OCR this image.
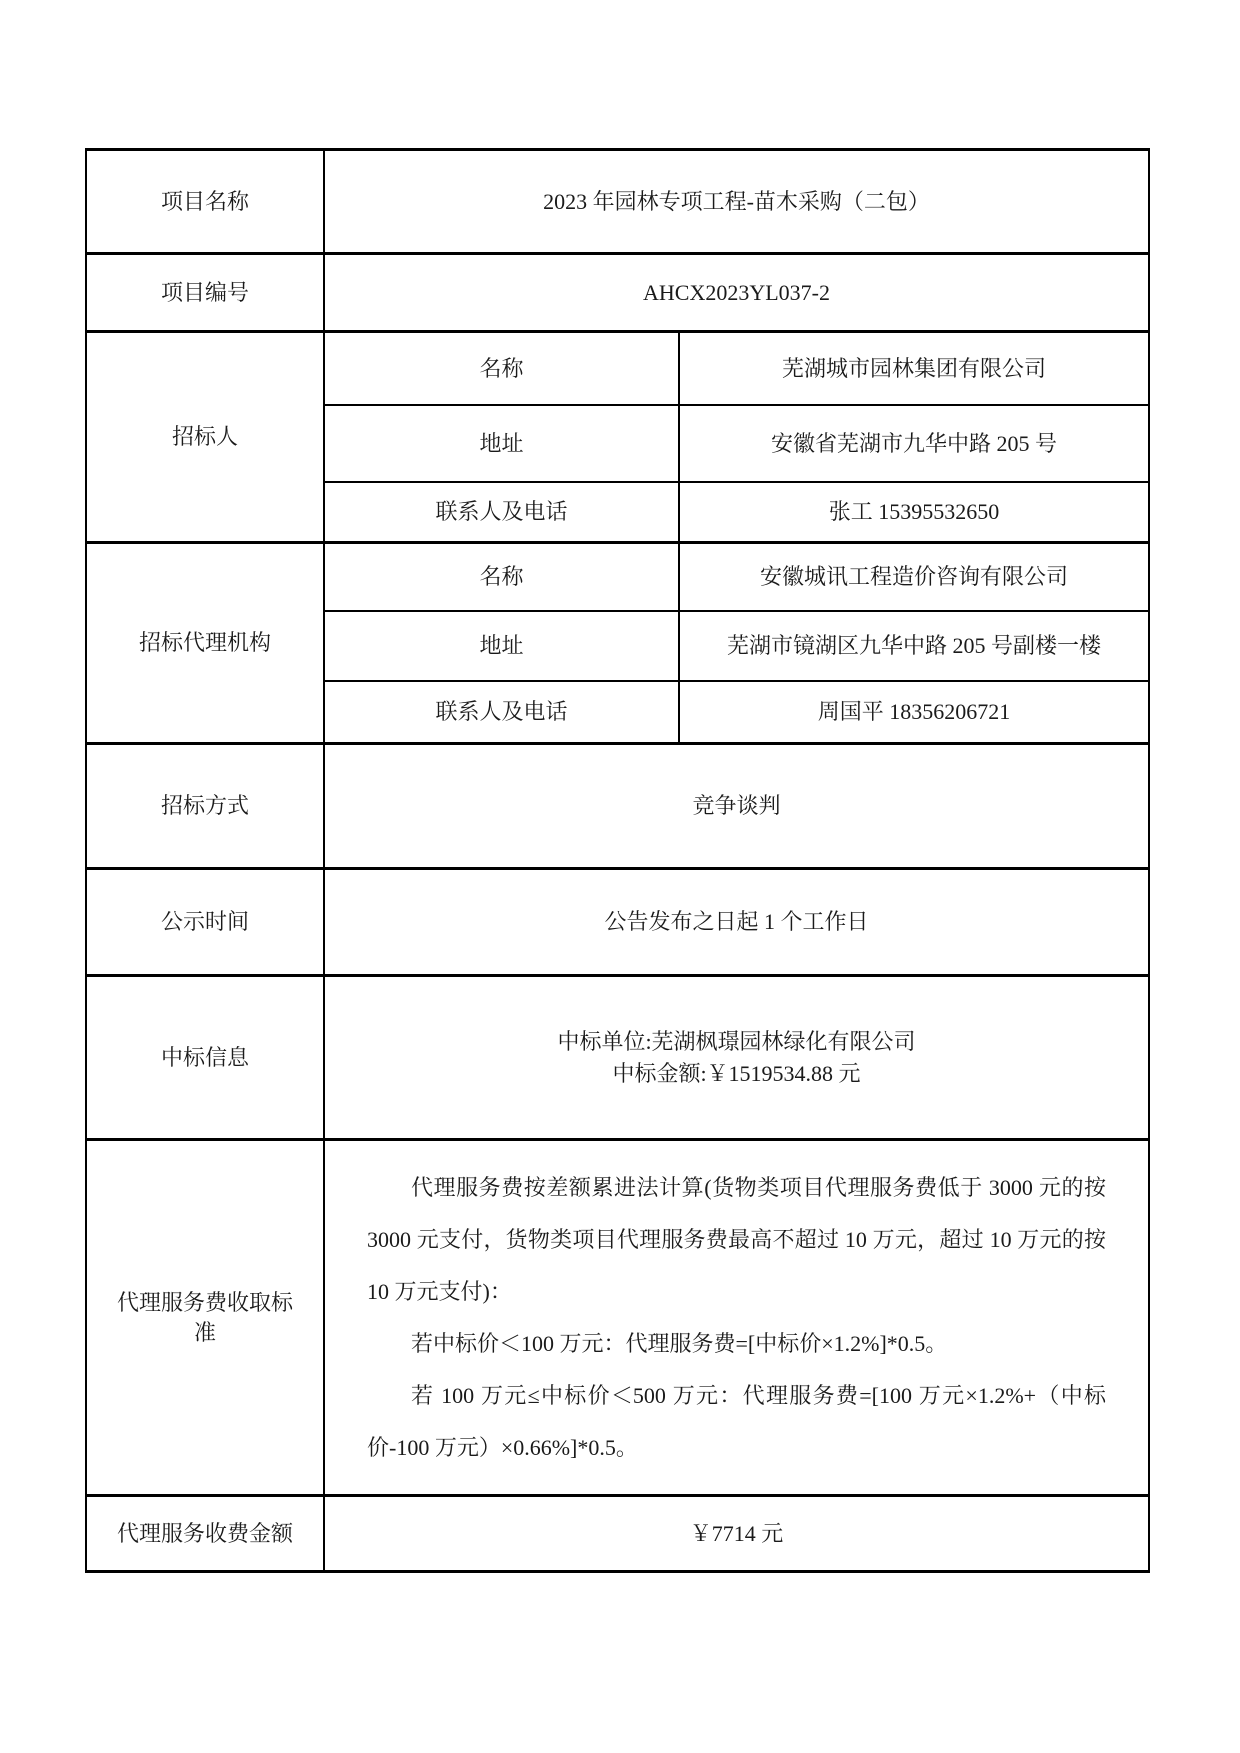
项目名称	2023 年园林专项工程-苗木采购（二包）	
项目编号	AHCX2023YL037-2	
招标人	名称	芜湖城市园林集团有限公司
	地址	安徽省芜湖市九华中路 205 号
	联系人及电话	张工 15395532650
招标代理机构	名称	安徽城讯工程造价咨询有限公司
	地址	芜湖市镜湖区九华中路 205 号副楼一楼
	联系人及电话	周国平 18356206721
招标方式	竞争谈判	
公示时间	公告发布之日起 1 个工作日	
中标信息	中标单位:芜湖枫璟园林绿化有限公司

中标金额:￥1519534.88 元	

代理服务费收取标准	代理服务费按差额累进法计算(货物类项目代理服务费低于 3000 元的按 3000 元支付，货物类项目代理服务费最高不超过 10 万元，超过 10 万元的按 10 万元支付)：

若中标价＜100 万元：代理服务费=[中标价×1.2%]*0.5。

若 100 万元≤中标价＜500 万元：代理服务费=[100 万元×1.2%+（中标价-100 万元）×0.66%]*0.5。	

代理服务收费金额	￥7714 元	
